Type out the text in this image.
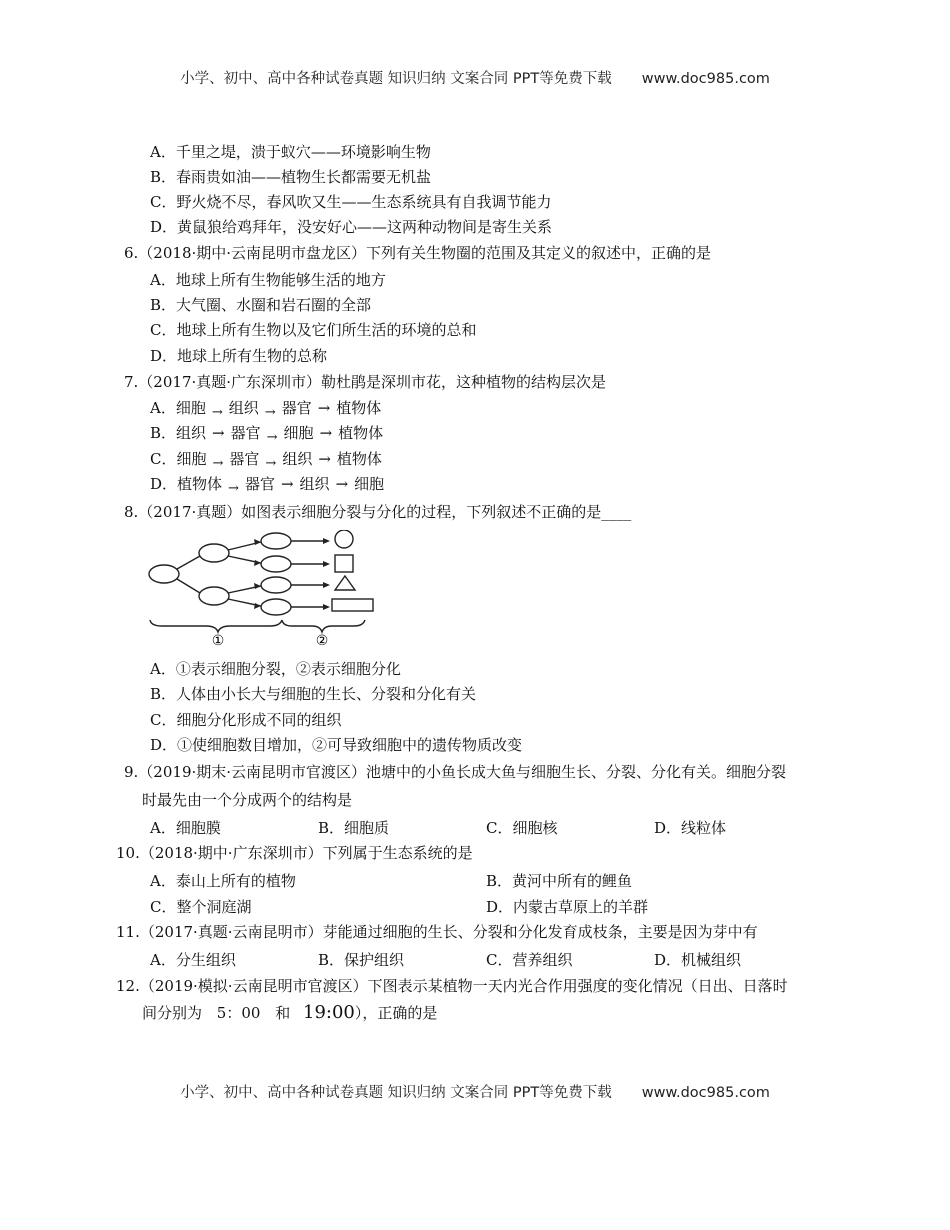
小学、初中、高中各种试卷真题 知识归纳 文案合同 PPT等免费下载 www.doc985.com
A．千里之堤，溃于蚁穴——环境影响生物
B．春雨贵如油——植物生长都需要无机盐
C．野火烧不尽，春风吹又生——生态系统具有自我调节能力
D．黄鼠狼给鸡拜年，没安好心——这两种动物间是寄生关系
6.（2018·期中·云南昆明市盘龙区）下列有关生物圈的范围及其定义的叙述中，正确的是
A．地球上所有生物能够生活的地方
B．大气圈、水圈和岩石圈的全部
C．地球上所有生物以及它们所生活的环境的总和
D．地球上所有生物的总称
7.（2017·真题·广东深圳市）勒杜鹃是深圳市花，这种植物的结构层次是
A．细胞 → 组织 → 器官 → 植物体
B．组织 → 器官 → 细胞 → 植物体
C．细胞 → 器官 → 组织 → 植物体
D．植物体 → 器官 → 组织 → 细胞
8.（2017·真题）如图表示细胞分裂与分化的过程，下列叙述不正确的是____
①	②
A．①表示细胞分裂，②表示细胞分化
B．人体由小长大与细胞的生长、分裂和分化有关
C．细胞分化形成不同的组织
D．①使细胞数目增加，②可导致细胞中的遗传物质改变
9.（2019·期末·云南昆明市官渡区）池塘中的小鱼长成大鱼与细胞生长、分裂、分化有关。细胞分裂
时最先由一个分成两个的结构是
A．细胞膜	B．细胞质	C．细胞核	D．线粒体
10.（2018·期中·广东深圳市）下列属于生态系统的是
A．泰山上所有的植物	B．黄河中所有的鲤鱼
C．整个洞庭湖	D．内蒙古草原上的羊群
11.（2017·真题·云南昆明市）芽能通过细胞的生长、分裂和分化发育成枝条，主要是因为芽中有
A．分生组织	B．保护组织	C．营养组织	D．机械组织
12.（2019·模拟·云南昆明市官渡区）下图表示某植物一天内光合作用强度的变化情况（日出、日落时
间分别为 5：00 和 19:00），正确的是
小学、初中、高中各种试卷真题 知识归纳 文案合同 PPT等免费下载 www.doc985.com
